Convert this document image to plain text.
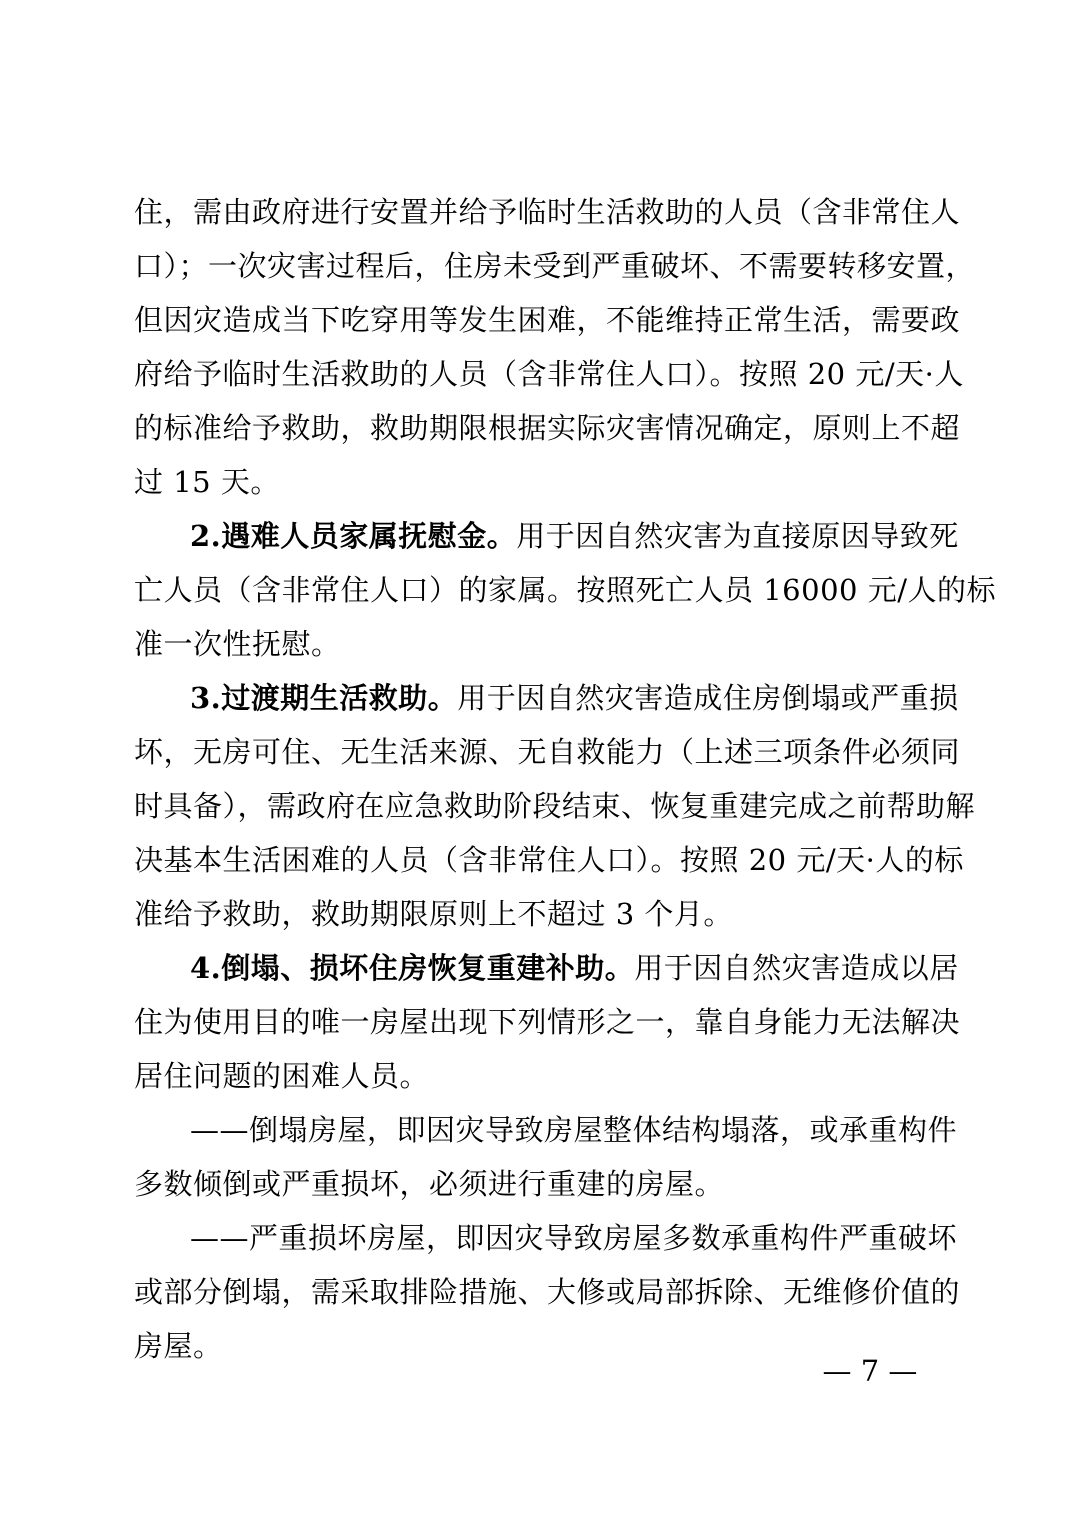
住，需由政府进行安置并给予临时生活救助的人员（含非常住人
口）；一次灾害过程后，住房未受到严重破坏、不需要转移安置，
但因灾造成当下吃穿用等发生困难，不能维持正常生活，需要政
府给予临时生活救助的人员（含非常住人口）。按照 20 元/天·人
的标准给予救助，救助期限根据实际灾害情况确定，原则上不超
过 15 天。
2.遇难人员家属抚慰金。用于因自然灾害为直接原因导致死
亡人员（含非常住人口）的家属。按照死亡人员 16000 元/人的标
准一次性抚慰。
3.过渡期生活救助。用于因自然灾害造成住房倒塌或严重损
坏，无房可住、无生活来源、无自救能力（上述三项条件必须同
时具备），需政府在应急救助阶段结束、恢复重建完成之前帮助解
决基本生活困难的人员（含非常住人口）。按照 20 元/天·人的标
准给予救助，救助期限原则上不超过 3 个月。
4.倒塌、损坏住房恢复重建补助。用于因自然灾害造成以居
住为使用目的唯一房屋出现下列情形之一，靠自身能力无法解决
居住问题的困难人员。
——倒塌房屋，即因灾导致房屋整体结构塌落，或承重构件
多数倾倒或严重损坏，必须进行重建的房屋。
——严重损坏房屋，即因灾导致房屋多数承重构件严重破坏
或部分倒塌，需采取排险措施、大修或局部拆除、无维修价值的
房屋。
— 7 —
